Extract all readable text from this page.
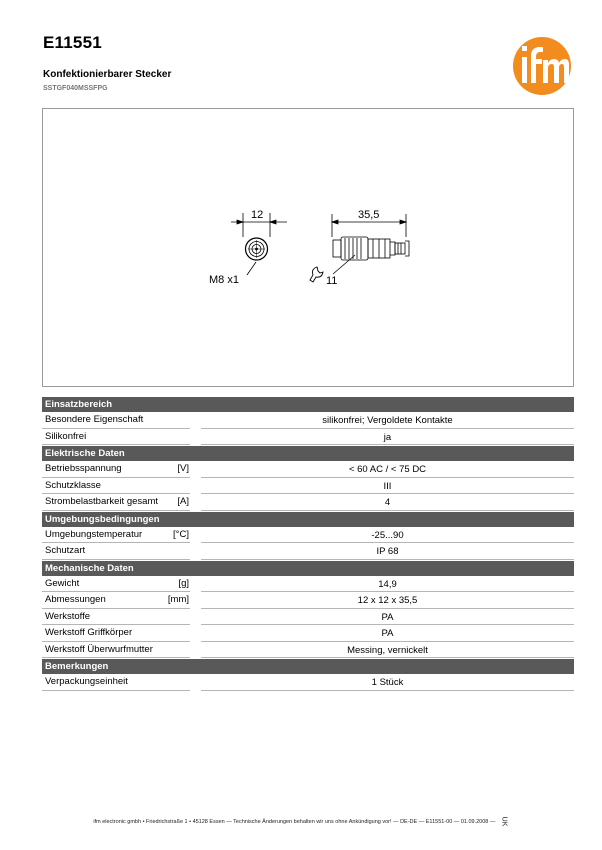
E11551
Konfektionierbarer Stecker
SSTGF040MSSFPG
12
M8 x1
35,5
11
Einsatzbereich
Besondere Eigenschaft	silikonfrei; Vergoldete Kontakte
Silikonfrei	ja
Elektrische Daten
Betriebsspannung	[V]	< 60 AC / < 75 DC
Schutzklasse	III
Strombelastbarkeit gesamt [A]	4
Umgebungsbedingungen
Umgebungstemperatur	[°C]	-25...90
Schutzart	IP 68
Mechanische Daten
Gewicht	[g]	14,9
Abmessungen	[mm]	12 x 12 x 35,5
Werkstoffe	PA
Werkstoff Griffkörper	PA
Werkstoff Überwurfmutter	Messing, vernickelt
Bemerkungen
Verpackungseinheit	1 Stück
ifm electronic gmbh • Friedrichstraße 1 • 45128 Essen — Technische Änderungen behalten wir uns ohne Ankündigung vor! — DE-DE — E11551-00 — 01.09.2008 — UK
